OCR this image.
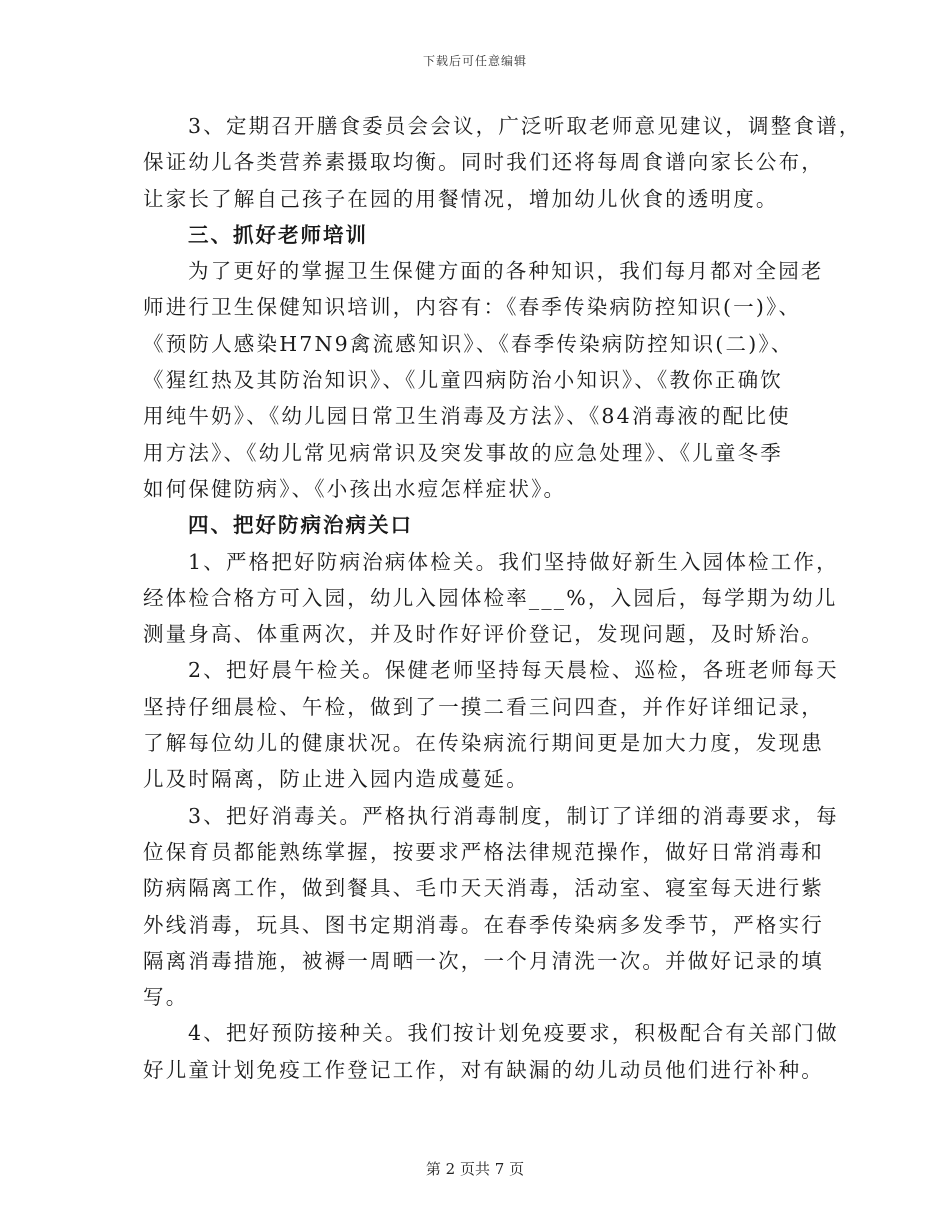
下载后可任意编辑
3、定期召开膳食委员会会议，广泛听取老师意见建议，调整食谱，
保证幼儿各类营养素摄取均衡。同时我们还将每周食谱向家长公布，
让家长了解自己孩子在园的用餐情况，增加幼儿伙食的透明度。
三、抓好老师培训
为了更好的掌握卫生保健方面的各种知识，我们每月都对全园老
师进行卫生保健知识培训，内容有：《春季传染病防控知识(一)》、
《预防人感染H7N9禽流感知识》、《春季传染病防控知识(二)》、
《猩红热及其防治知识》、《儿童四病防治小知识》、《教你正确饮
用纯牛奶》、《幼儿园日常卫生消毒及方法》、《84消毒液的配比使
用方法》、《幼儿常见病常识及突发事故的应急处理》、《儿童冬季
如何保健防病》、《小孩出水痘怎样症状》。
四、把好防病治病关口
1、严格把好防病治病体检关。我们坚持做好新生入园体检工作，
经体检合格方可入园，幼儿入园体检率___%，入园后，每学期为幼儿
测量身高、体重两次，并及时作好评价登记，发现问题，及时矫治。
2、把好晨午检关。保健老师坚持每天晨检、巡检，各班老师每天
坚持仔细晨检、午检，做到了一摸二看三问四查，并作好详细记录，
了解每位幼儿的健康状况。在传染病流行期间更是加大力度，发现患
儿及时隔离，防止进入园内造成蔓延。
3、把好消毒关。严格执行消毒制度，制订了详细的消毒要求，每
位保育员都能熟练掌握，按要求严格法律规范操作，做好日常消毒和
防病隔离工作，做到餐具、毛巾天天消毒，活动室、寝室每天进行紫
外线消毒，玩具、图书定期消毒。在春季传染病多发季节，严格实行
隔离消毒措施，被褥一周晒一次，一个月清洗一次。并做好记录的填
写。
4、把好预防接种关。我们按计划免疫要求，积极配合有关部门做
好儿童计划免疫工作登记工作，对有缺漏的幼儿动员他们进行补种。
第 2 页共 7 页
